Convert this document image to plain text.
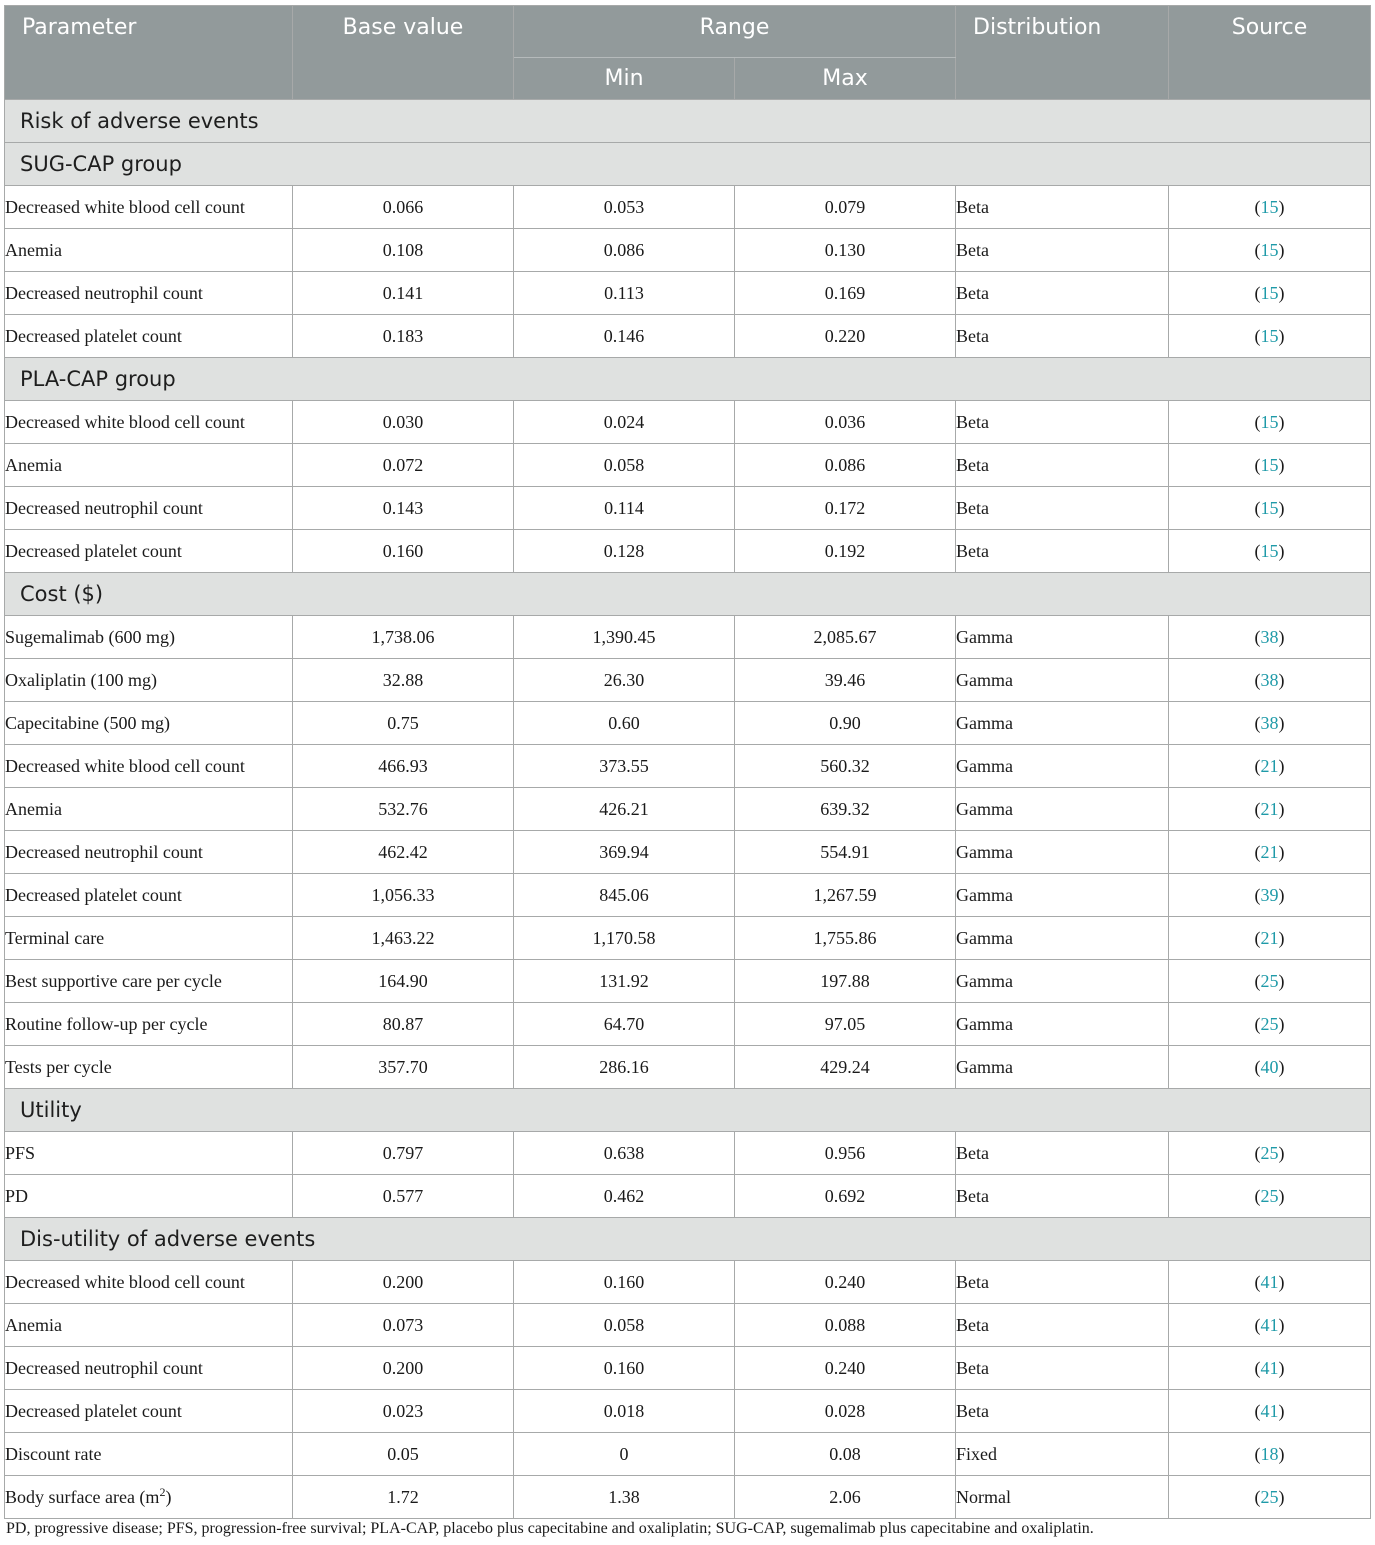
Parameter	Base value	Range		Distribution	Source
		Min	Max		
Risk of adverse events					
SUG-CAP group					
Decreased white blood cell count	0.066	0.053	0.079	Beta	(15)
Anemia	0.108	0.086	0.130	Beta	(15)
Decreased neutrophil count	0.141	0.113	0.169	Beta	(15)
Decreased platelet count	0.183	0.146	0.220	Beta	(15)
PLA-CAP group					
Decreased white blood cell count	0.030	0.024	0.036	Beta	(15)
Anemia	0.072	0.058	0.086	Beta	(15)
Decreased neutrophil count	0.143	0.114	0.172	Beta	(15)
Decreased platelet count	0.160	0.128	0.192	Beta	(15)
Cost ($)					
Sugemalimab (600 mg)	1,738.06	1,390.45	2,085.67	Gamma	(38)
Oxaliplatin (100 mg)	32.88	26.30	39.46	Gamma	(38)
Capecitabine (500 mg)	0.75	0.60	0.90	Gamma	(38)
Decreased white blood cell count	466.93	373.55	560.32	Gamma	(21)
Anemia	532.76	426.21	639.32	Gamma	(21)
Decreased neutrophil count	462.42	369.94	554.91	Gamma	(21)
Decreased platelet count	1,056.33	845.06	1,267.59	Gamma	(39)
Terminal care	1,463.22	1,170.58	1,755.86	Gamma	(21)
Best supportive care per cycle	164.90	131.92	197.88	Gamma	(25)
Routine follow-up per cycle	80.87	64.70	97.05	Gamma	(25)
Tests per cycle	357.70	286.16	429.24	Gamma	(40)
Utility					
PFS	0.797	0.638	0.956	Beta	(25)
PD	0.577	0.462	0.692	Beta	(25)
Dis-utility of adverse events					
Decreased white blood cell count	0.200	0.160	0.240	Beta	(41)
Anemia	0.073	0.058	0.088	Beta	(41)
Decreased neutrophil count	0.200	0.160	0.240	Beta	(41)
Decreased platelet count	0.023	0.018	0.028	Beta	(41)
Discount rate	0.05	0	0.08	Fixed	(18)
Body surface area $(m^2)$	1.72	1.38	2.06	Normal	(25)

PD, progressive disease; PFS, progression-free survival; PLA-CAP, placebo plus capecitabine and oxaliplatin; SUG-CAP, sugemalimab plus capecitabine and oxaliplatin.
